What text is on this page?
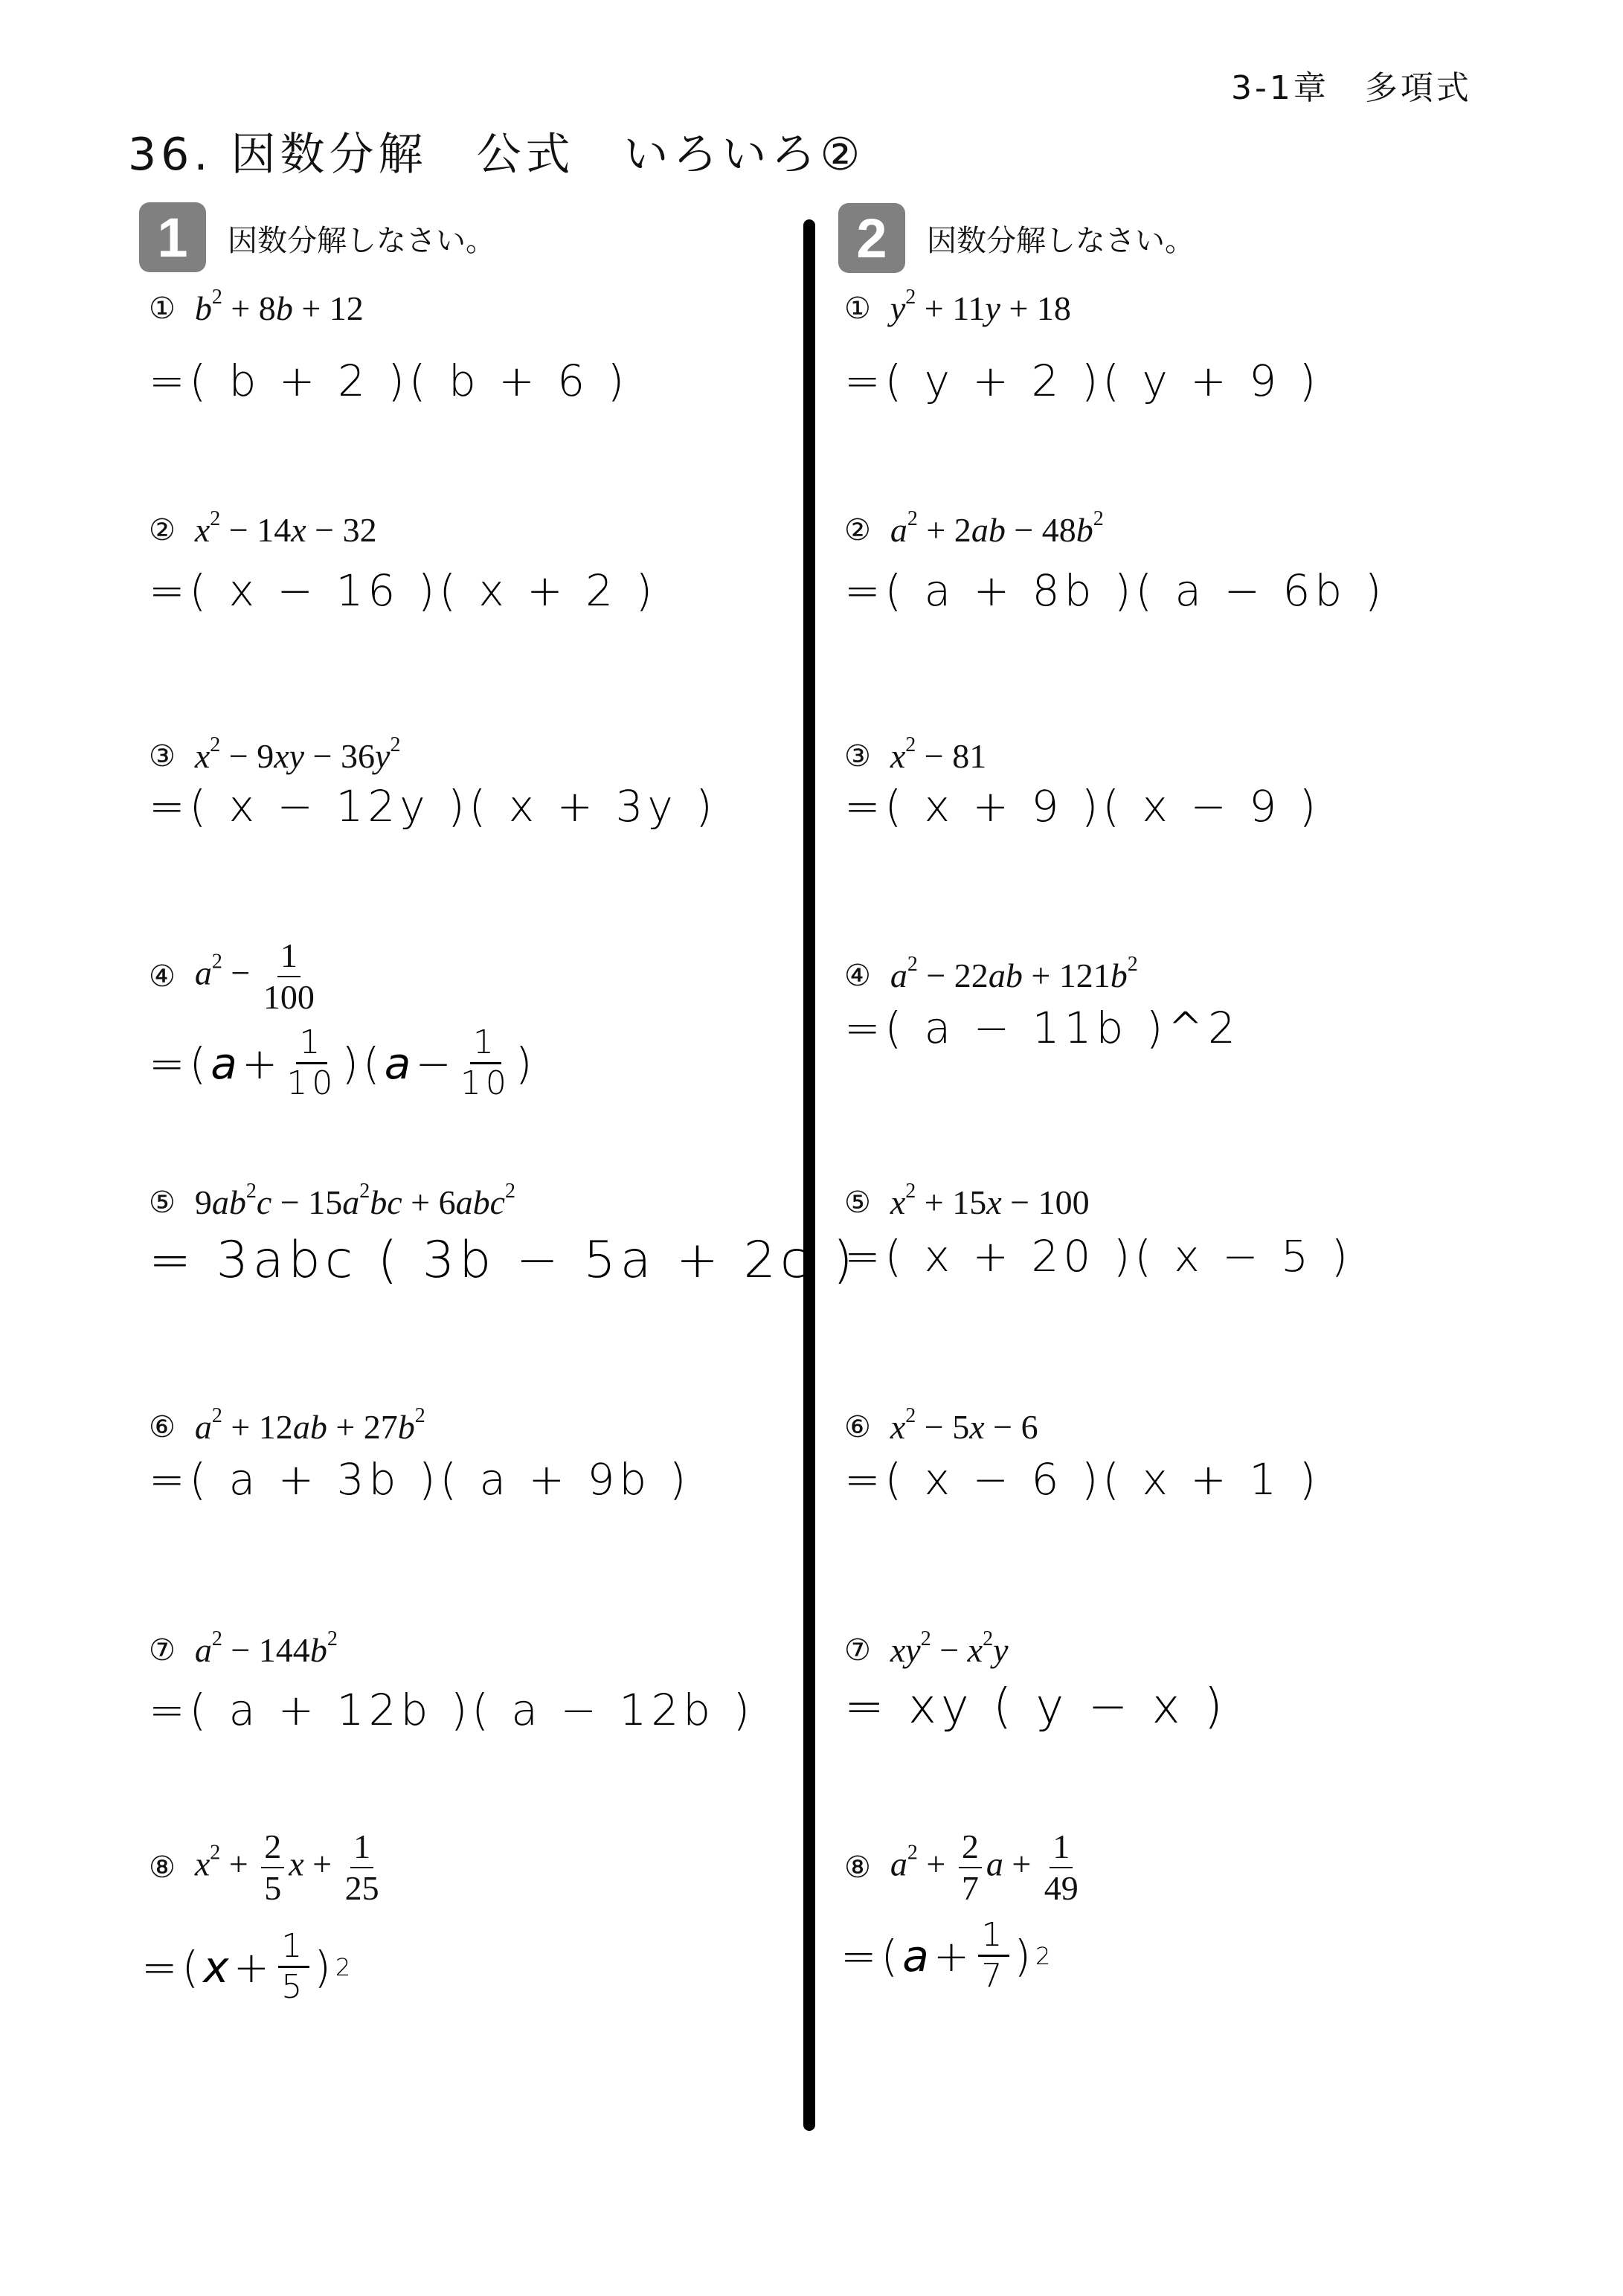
3-1章　多項式
36. 因数分解　公式　いろいろ②
1	因数分解しなさい。	2	因数分解しなさい。
① $b^2 + 8b + 12$
=( b + 2 )( b + 6 )
② $x^2 - 14x - 32$
=( x − 16 )( x + 2 )
③ $x^2 - 9xy - 36y^2$
=( x − 12y )( x + 3y )
④ $a^2 - \frac{1}{100}$
= ( $a + \frac{1}{10}$ ) ( $a - \frac{1}{10}$ )
⑤ $9ab^2c - 15a^2bc + 6abc^2$
= 3abc ( 3b − 5a + 2c )
⑥ $a^2 + 12ab + 27b^2$
=( a + 3b )( a + 9b )
⑦ $a^2 - 144b^2$
=( a + 12b )( a − 12b )
⑧ $x^2 + \frac{2}{5}$ $x + \frac{1}{25}$
= ( $x + \frac{1}{5}$ ) 2
① $y^2 + 11y + 18$
=( y + 2 )( y + 9 )
② $a^2 + 2ab - 48b^2$
=( a + 8b )( a − 6b )
③ $x^2 - 81$
=( x + 9 )( x − 9 )
④ $a^2 - 22ab + 121b^2$
=( a − 11b )^2
⑤ $x^2 + 15x - 100$
=( x + 20 )( x − 5 )
⑥ $x^2 - 5x - 6$
=( x − 6 )( x + 1 )
⑦ $xy^2 - x^2y$
= xy ( y − x )
⑧ $a^2 + \frac{2}{7}$ $a + \frac{1}{49}$
= ( $a + \frac{1}{7}$ ) 2
